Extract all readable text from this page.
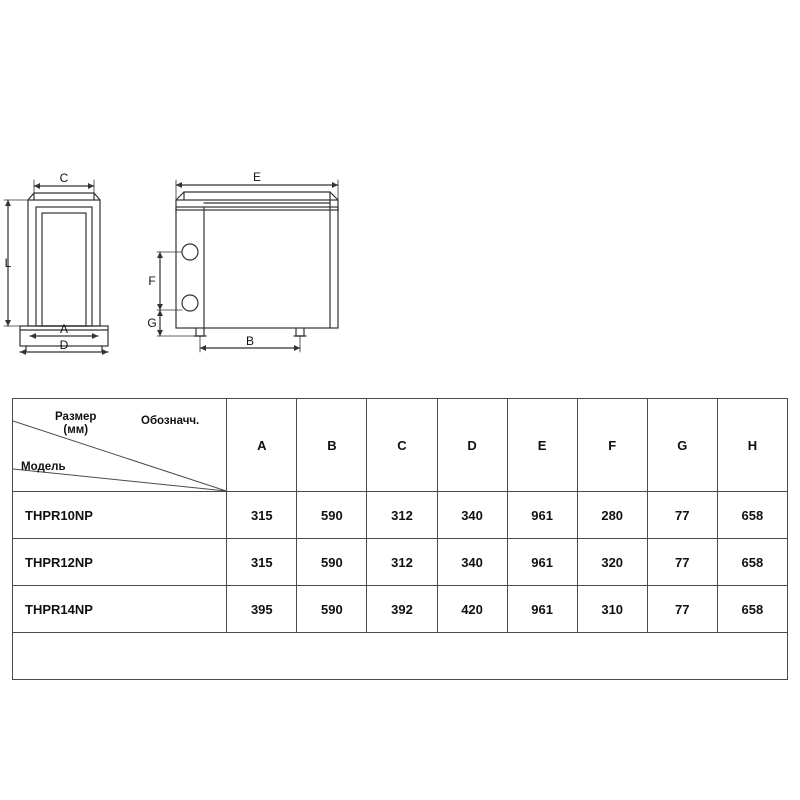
C
L
A
D
E
F
G
B
Размер
(мм)
Обозначч.
Модель	A	B	C	D	E	F	G	H
THPR10NP	315	590	312	340	961	280	77	658
THPR12NP	315	590	312	340	961	320	77	658
THPR14NP	395	590	392	420	961	310	77	658
